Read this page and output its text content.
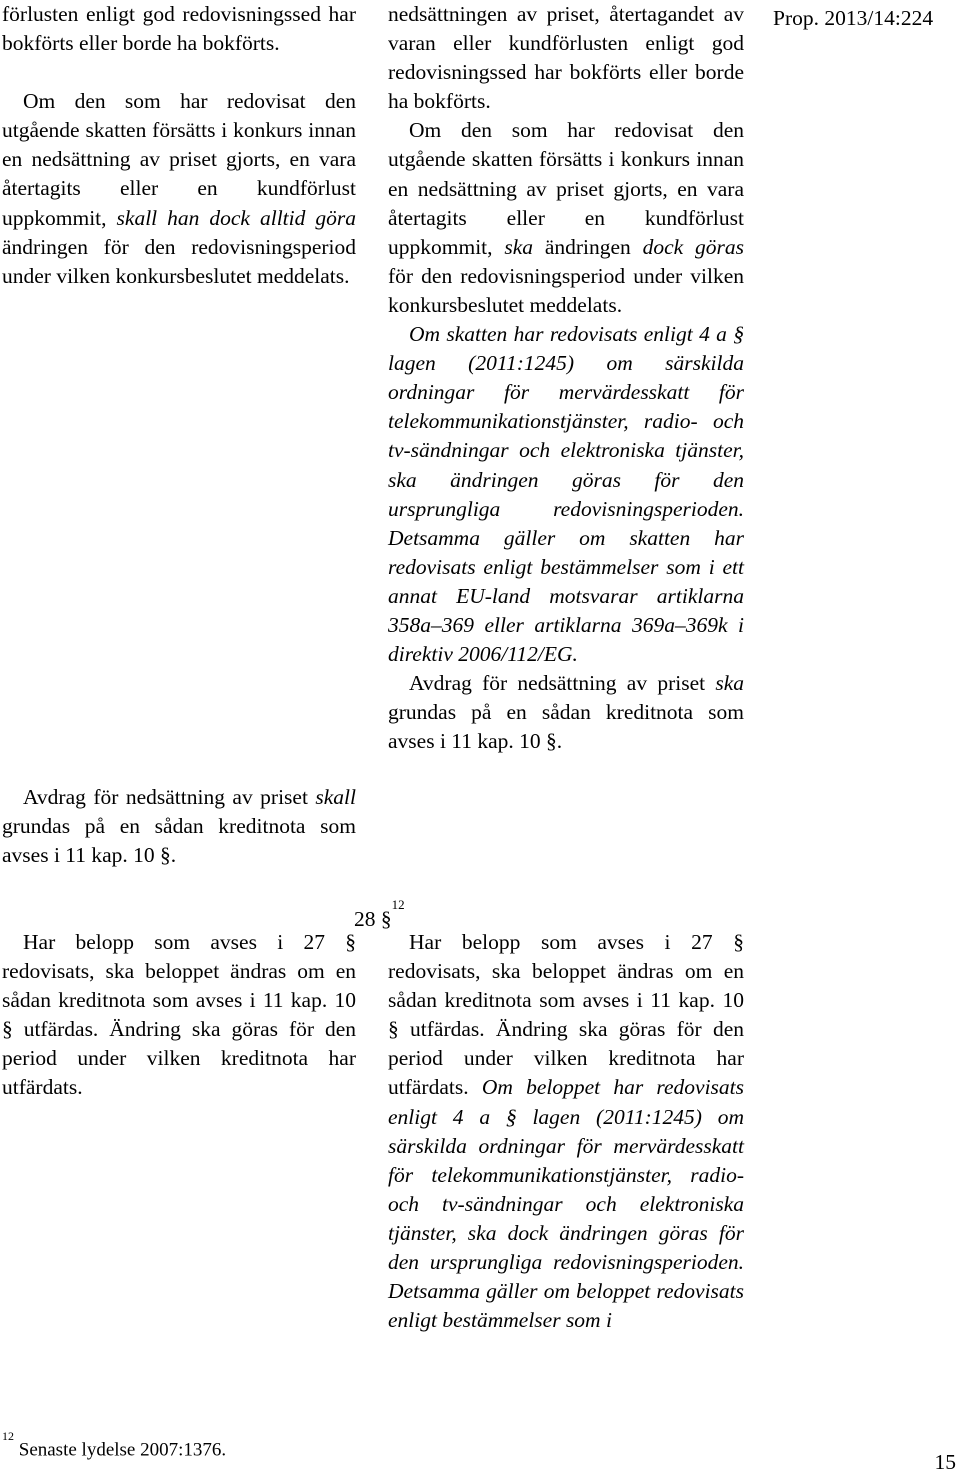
Prop. 2013/14:224

förlusten enligt god redovisningssed har bokförts eller borde ha bokförts.

Om den som har redovisat den utgående skatten försätts i konkurs innan en nedsättning av priset gjorts, en vara återtagits eller en kundförlust uppkommit, skall han dock alltid göra ändringen för den redovisningsperiod under vilken konkursbeslutet meddelats.

Avdrag för nedsättning av priset skall grundas på en sådan kreditnota som avses i 11 kap. 10 §.

nedsättningen av priset, återtagandet av varan eller kundförlusten enligt god redovisningssed har bokförts eller borde ha bokförts.

Om den som har redovisat den utgående skatten försätts i konkurs innan en nedsättning av priset gjorts, en vara återtagits eller en kundförlust uppkommit, ska ändringen dock göras för den redovisningsperiod under vilken konkursbeslutet meddelats.

Om skatten har redovisats enligt 4 a § lagen (2011:1245) om särskilda ordningar för mervärdesskatt för telekommunikationstjänster, radio- och tv-sändningar och elektroniska tjänster, ska ändringen göras för den ursprungliga redovisningsperioden. Detsamma gäller om skatten har redovisats enligt bestämmelser som i ett annat EU-land motsvarar artiklarna 358a–369 eller artiklarna 369a–369k i direktiv 2006/112/EG.

Avdrag för nedsättning av priset ska grundas på en sådan kreditnota som avses i 11 kap. 10 §.

28 §$^{12}$

Har belopp som avses i 27 § redovisats, ska beloppet ändras om en sådan kreditnota som avses i 11 kap. 10 § utfärdas. Ändring ska göras för den period under vilken kreditnota har utfärdats.

Har belopp som avses i 27 § redovisats, ska beloppet ändras om en sådan kreditnota som avses i 11 kap. 10 § utfärdas. Ändring ska göras för den period under vilken kreditnota har utfärdats. Om beloppet har redovisats enligt 4 a § lagen (2011:1245) om särskilda ordningar för mervärdesskatt för telekommunikationstjänster, radio- och tv-sändningar och elektroniska tjänster, ska dock ändringen göras för den ursprungliga redovisningsperioden. Detsamma gäller om beloppet redovisats enligt bestämmelser som i

$^{12}$ Senaste lydelse 2007:1376.
15
